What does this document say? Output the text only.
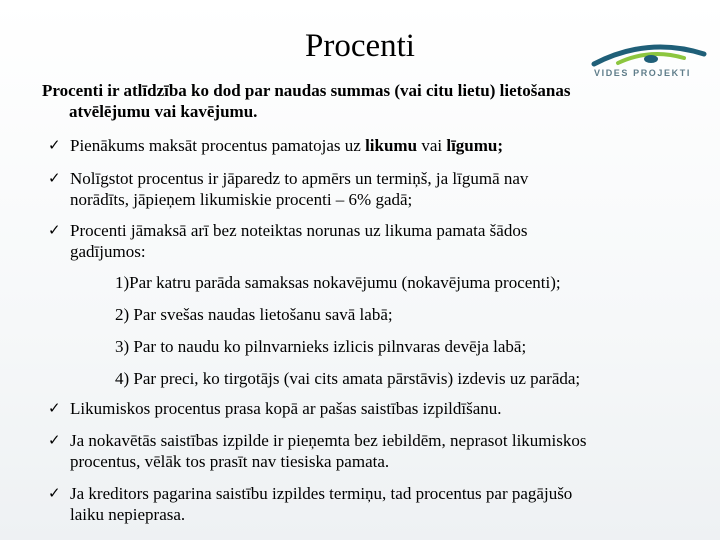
Procenti
VIDES PROJEKTI
Procenti ir atlīdzība ko dod par naudas summas (vai citu lietu) lietošanas
atvēlējumu vai kavējumu.
✓ Pienākums maksāt procentus pamatojas uz likumu vai līgumu;
✓ Nolīgstot procentus ir jāparedz to apmērs un termiņš, ja līgumā nav
norādīts, jāpieņem likumiskie procenti – 6% gadā;
✓ Procenti jāmaksā arī bez noteiktas norunas uz likuma pamata šādos
gadījumos:
1)Par katru parāda samaksas nokavējumu (nokavējuma procenti);
2) Par svešas naudas lietošanu savā labā;
3) Par to naudu ko pilnvarnieks izlicis pilnvaras devēja labā;
4) Par preci, ko tirgotājs (vai cits amata pārstāvis) izdevis uz parāda;
✓ Likumiskos procentus prasa kopā ar pašas saistības izpildīšanu.
✓ Ja nokavētās saistības izpilde ir pieņemta bez iebildēm, neprasot likumiskos
procentus, vēlāk tos prasīt nav tiesiska pamata.
✓ Ja kreditors pagarina saistību izpildes termiņu, tad procentus par pagājušo
laiku nepieprasa.
